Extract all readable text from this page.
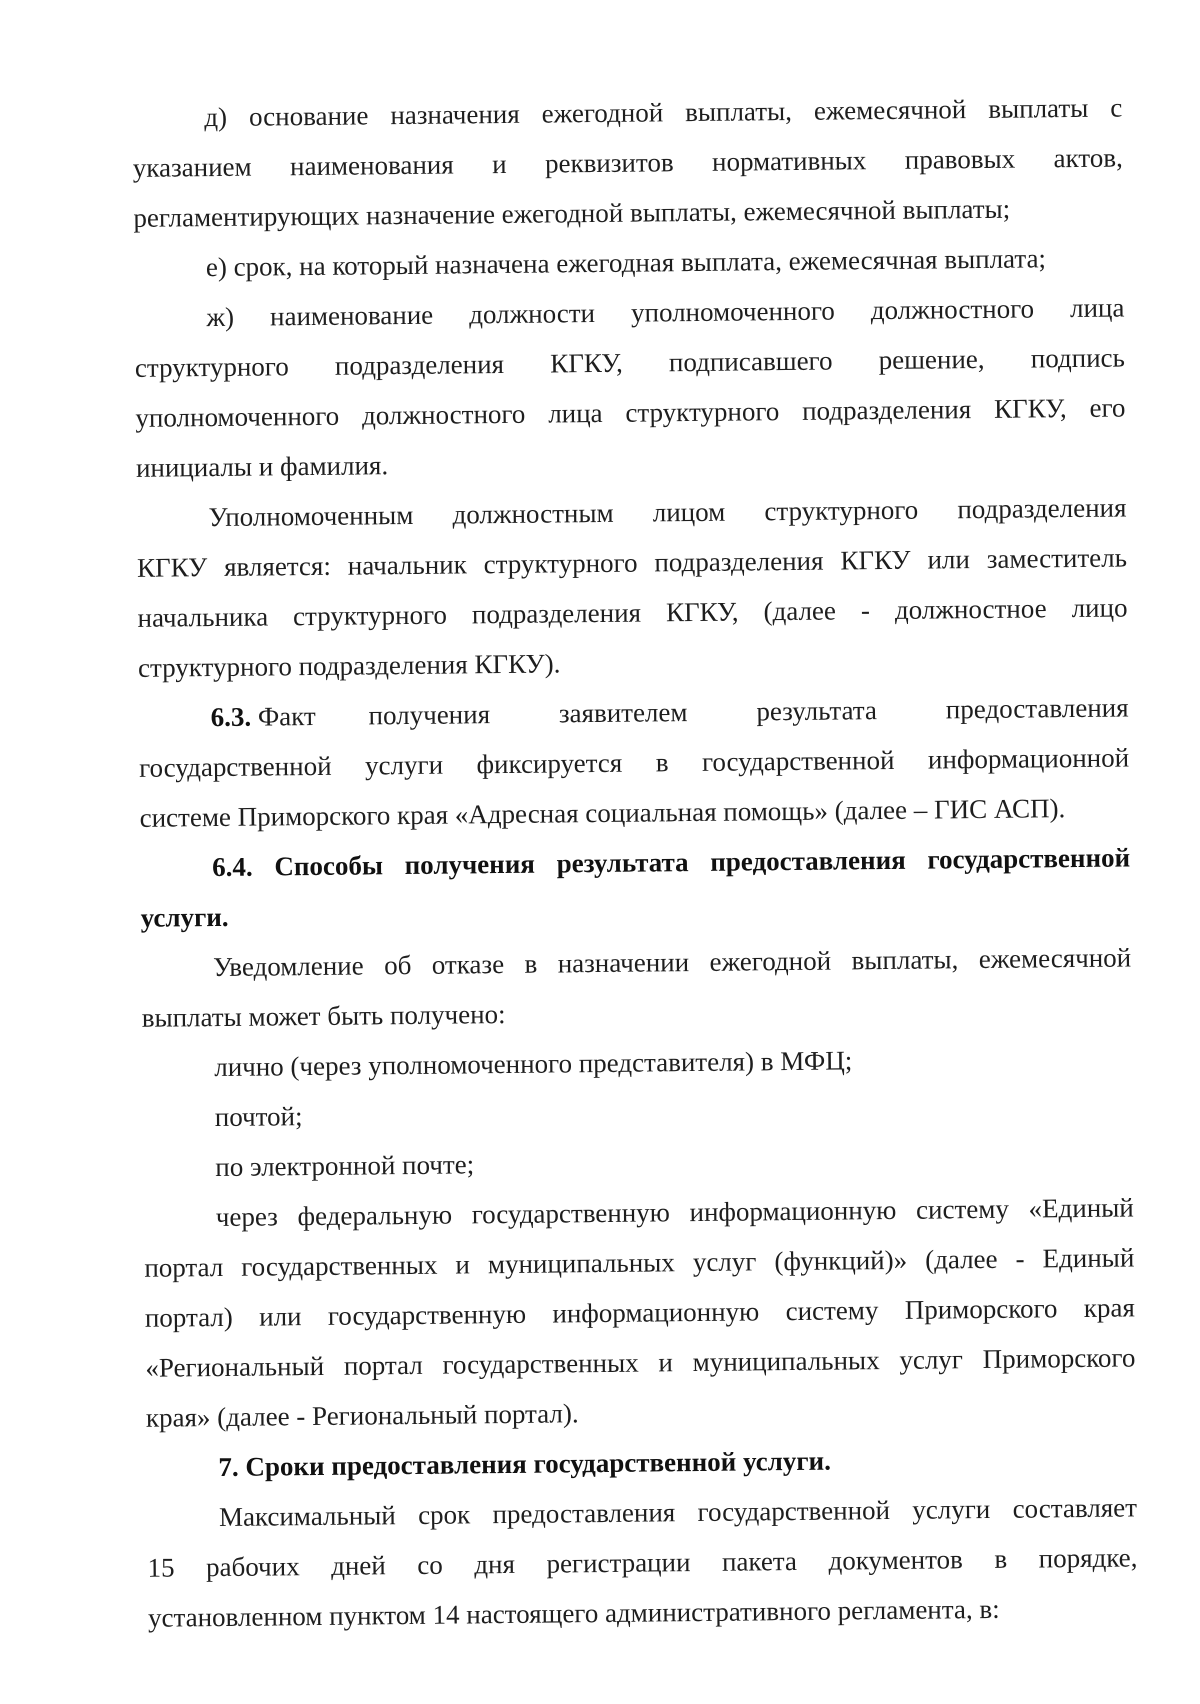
д) основание назначения ежегодной выплаты, ежемесячной выплаты с
указанием наименования и реквизитов нормативных правовых актов,
регламентирующих назначение ежегодной выплаты, ежемесячной выплаты;
е) срок, на который назначена ежегодная выплата, ежемесячная выплата;
ж) наименование должности уполномоченного должностного лица
структурного подразделения КГКУ, подписавшего решение, подпись
уполномоченного должностного лица структурного подразделения КГКУ, его
инициалы и фамилия.
Уполномоченным должностным лицом структурного подразделения
КГКУ является: начальник структурного подразделения КГКУ или заместитель
начальника структурного подразделения КГКУ, (далее - должностное лицо
структурного подразделения КГКУ).
6.3. Факт получения заявителем результата предоставления
государственной услуги фиксируется в государственной информационной
системе Приморского края «Адресная социальная помощь» (далее – ГИС АСП).
6.4. Способы получения результата предоставления государственной
услуги.
Уведомление об отказе в назначении ежегодной выплаты, ежемесячной
выплаты может быть получено:
лично (через уполномоченного представителя) в МФЦ;
почтой;
по электронной почте;
через федеральную государственную информационную систему «Единый
портал государственных и муниципальных услуг (функций)» (далее - Единый
портал) или государственную информационную систему Приморского края
«Региональный портал государственных и муниципальных услуг Приморского
края» (далее - Региональный портал).
7. Сроки предоставления государственной услуги.
Максимальный срок предоставления государственной услуги составляет
15 рабочих дней со дня регистрации пакета документов в порядке,
установленном пунктом 14 настоящего административного регламента, в:
